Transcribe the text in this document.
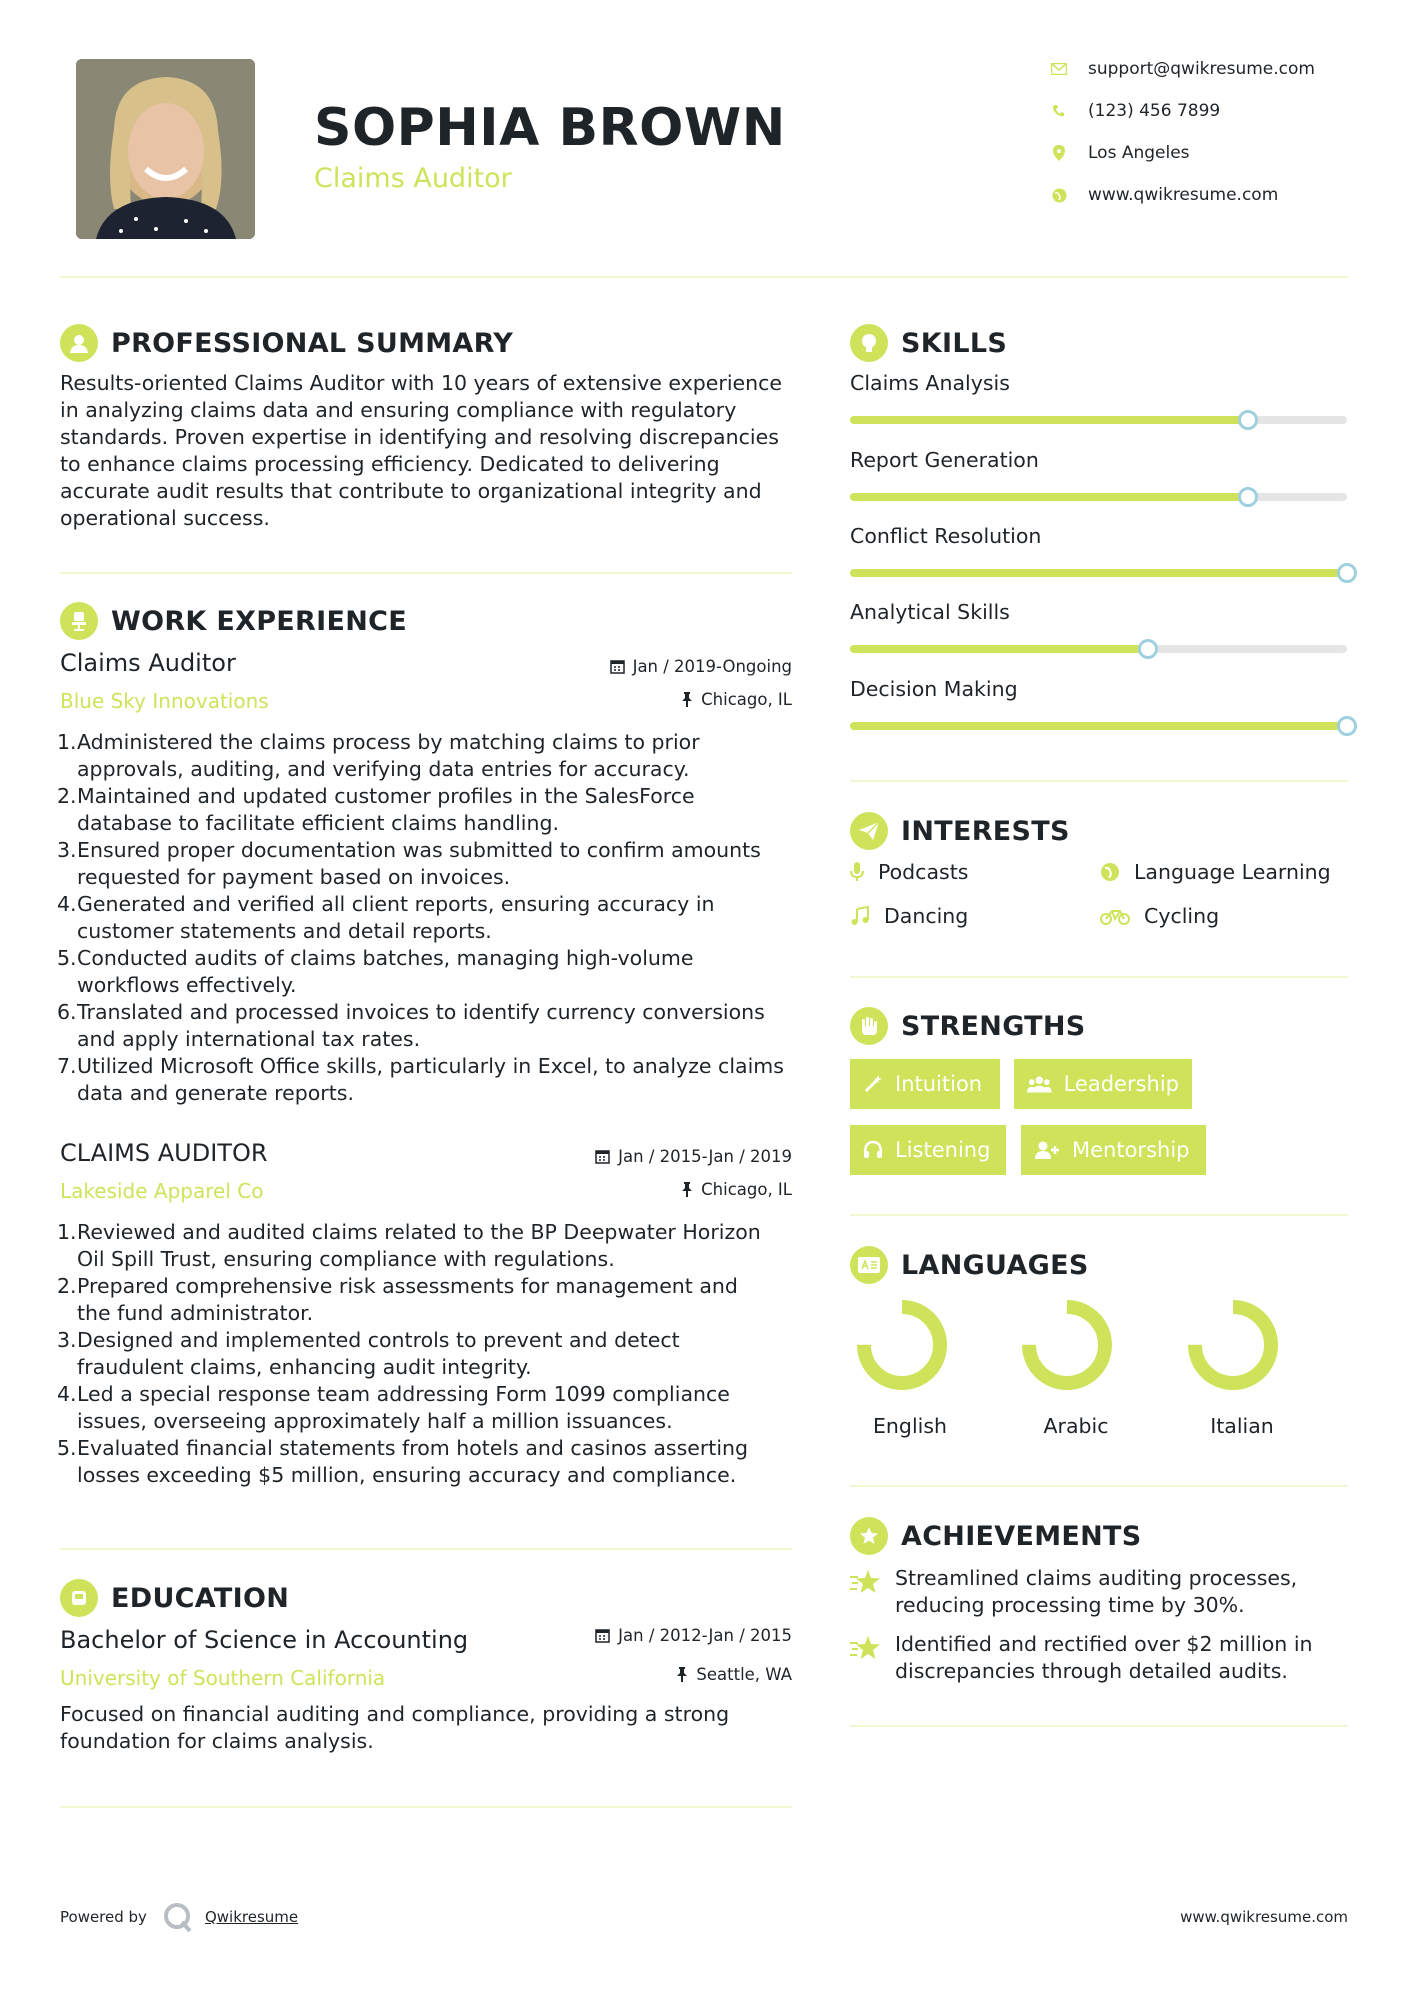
SOPHIA BROWN
Claims Auditor
support@qwikresume.com
(123) 456 7899
Los Angeles
www.qwikresume.com
PROFESSIONAL SUMMARY
Results-oriented Claims Auditor with 10 years of extensive experience
in analyzing claims data and ensuring compliance with regulatory
standards. Proven expertise in identifying and resolving discrepancies
to enhance claims processing efficiency. Dedicated to delivering
accurate audit results that contribute to organizational integrity and
operational success.
WORK EXPERIENCE
Claims Auditor
Blue Sky Innovations
Jan / 2019-Ongoing
Chicago, IL
1. Administered the claims process by matching claims to prior
approvals, auditing, and verifying data entries for accuracy.
2. Maintained and updated customer profiles in the SalesForce
database to facilitate efficient claims handling.
3. Ensured proper documentation was submitted to confirm amounts
requested for payment based on invoices.
4. Generated and verified all client reports, ensuring accuracy in
customer statements and detail reports.
5. Conducted audits of claims batches, managing high-volume
workflows effectively.
6. Translated and processed invoices to identify currency conversions
and apply international tax rates.
7. Utilized Microsoft Office skills, particularly in Excel, to analyze claims
data and generate reports.
CLAIMS AUDITOR
Lakeside Apparel Co
Jan / 2015-Jan / 2019
Chicago, IL
1. Reviewed and audited claims related to the BP Deepwater Horizon
Oil Spill Trust, ensuring compliance with regulations.
2. Prepared comprehensive risk assessments for management and
the fund administrator.
3. Designed and implemented controls to prevent and detect
fraudulent claims, enhancing audit integrity.
4. Led a special response team addressing Form 1099 compliance
issues, overseeing approximately half a million issuances.
5. Evaluated financial statements from hotels and casinos asserting
losses exceeding $5 million, ensuring accuracy and compliance.
EDUCATION
Bachelor of Science in Accounting
University of Southern California
Jan / 2012-Jan / 2015
Seattle, WA
Focused on financial auditing and compliance, providing a strong
foundation for claims analysis.
SKILLS
Claims Analysis
Report Generation
Conflict Resolution
Analytical Skills
Decision Making
INTERESTS
Podcasts	Language Learning
Dancing	Cycling
STRENGTHS
Intuition	Leadership
Listening	Mentorship
LANGUAGES
English	Arabic	Italian
ACHIEVEMENTS
Streamlined claims auditing processes,
reducing processing time by 30%.
Identified and rectified over $2 million in
discrepancies through detailed audits.
Powered by	Qwikresume	www.qwikresume.com
